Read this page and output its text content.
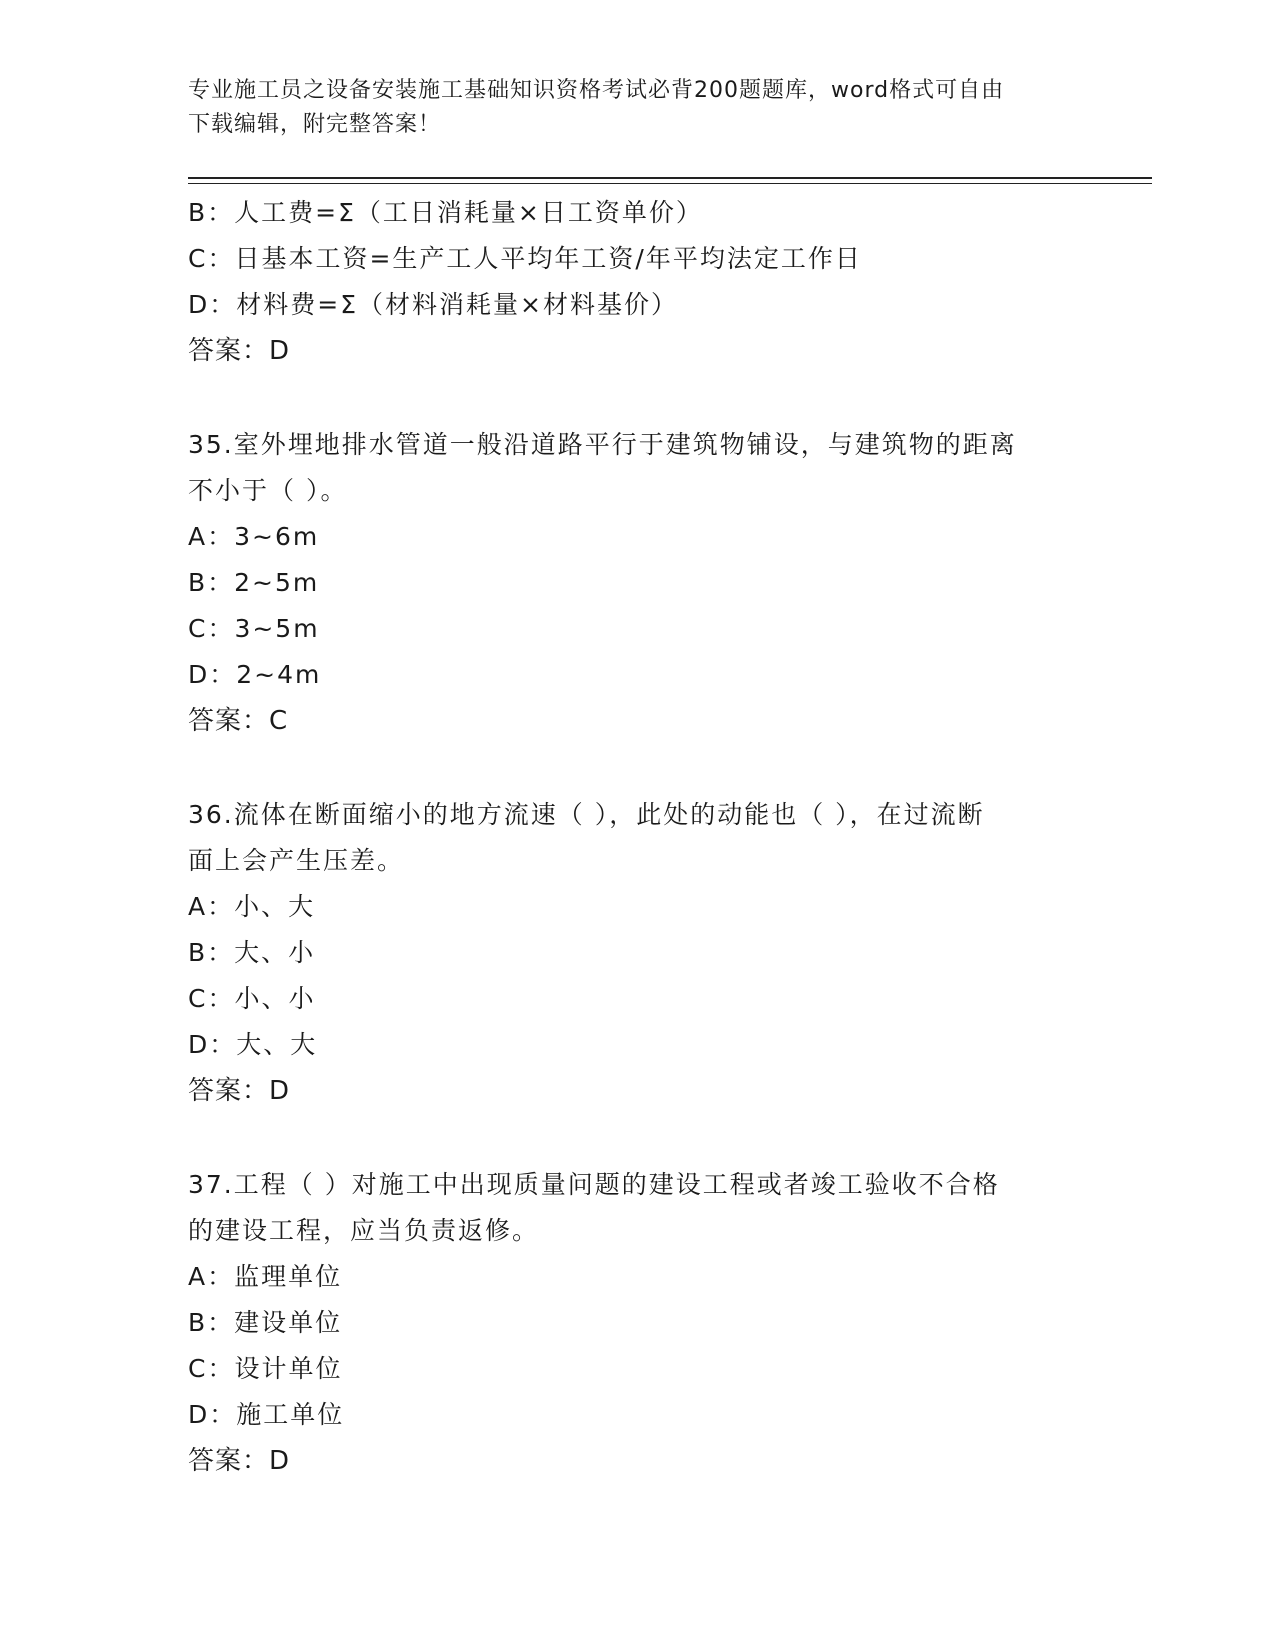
专业施工员之设备安装施工基础知识资格考试必背200题题库，word格式可自由
下载编辑，附完整答案！
B：人工费=Σ（工日消耗量×日工资单价）
C：日基本工资=生产工人平均年工资/年平均法定工作日
D：材料费=Σ（材料消耗量×材料基价）
答案：D
35.室外埋地排水管道一般沿道路平行于建筑物铺设，与建筑物的距离
不小于（ ）。
A：3~6m
B：2~5m
C：3~5m
D：2~4m
答案：C
36.流体在断面缩小的地方流速（ ），此处的动能也（ ），在过流断
面上会产生压差。
A：小、大
B：大、小
C：小、小
D：大、大
答案：D
37.工程（ ）对施工中出现质量问题的建设工程或者竣工验收不合格
的建设工程，应当负责返修。
A：监理单位
B：建设单位
C：设计单位
D：施工单位
答案：D
